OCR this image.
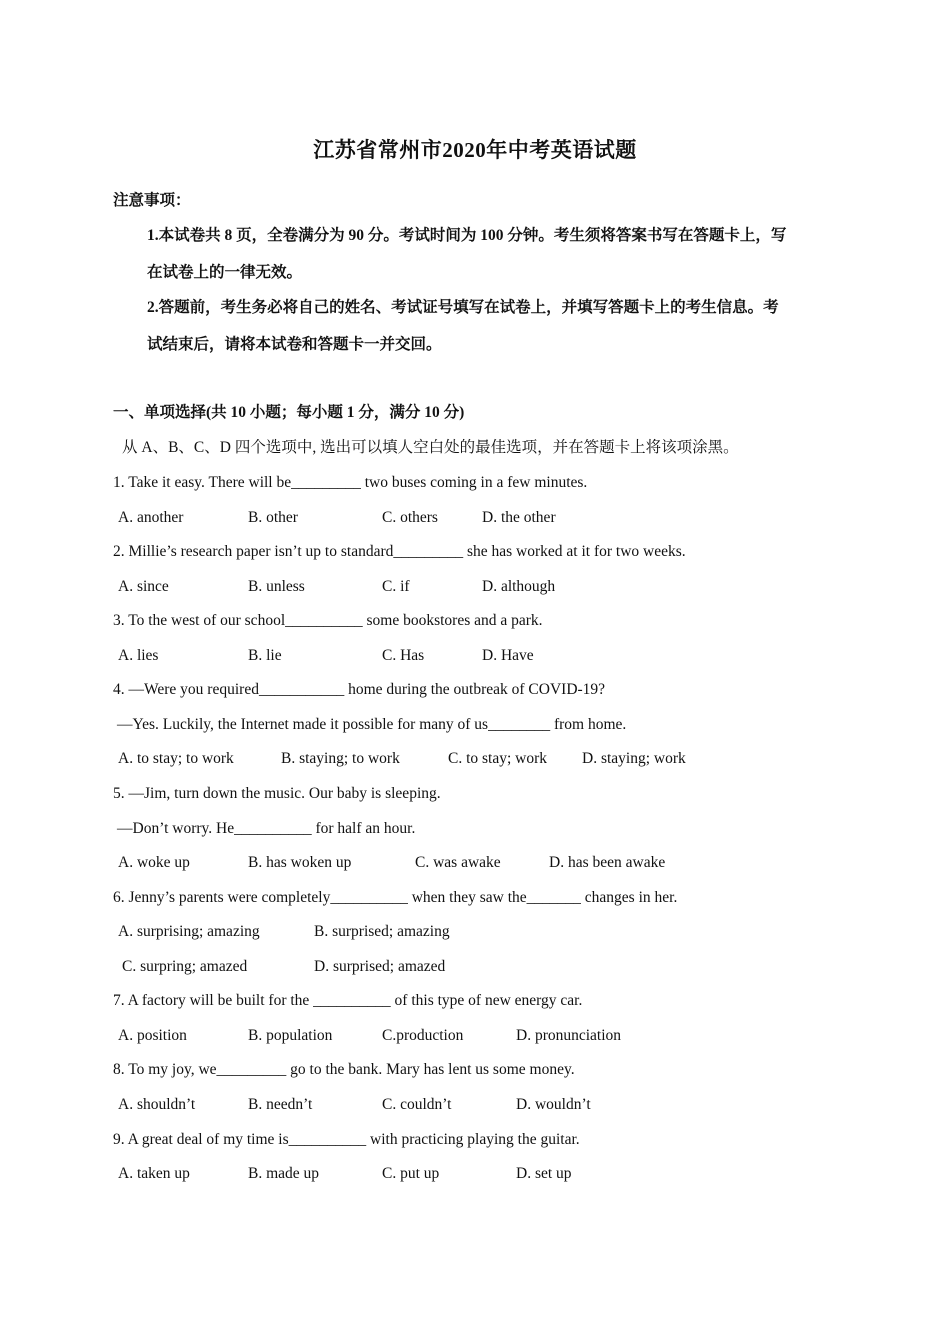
江苏省常州市2020年中考英语试题
注意事项：
1.本试卷共 8 页，全卷满分为 90 分。考试时间为 100 分钟。考生须将答案书写在答题卡上，写
在试卷上的一律无效。
2.答题前，考生务必将自己的姓名、考试证号填写在试卷上，并填写答题卡上的考生信息。考
试结束后，请将本试卷和答题卡一并交回。
一、单项选择(共 10 小题；每小题 1 分，满分 10 分)
从 A、B、C、D 四个选项中, 选出可以填人空白处的最佳选项，并在答题卡上将该项涂黑。
1. Take it easy. There will be_________ two buses coming in a few minutes.
A. another	B. other	C. others	D. the other
2. Millie’s research paper isn’t up to standard_________ she has worked at it for two weeks.
A. since	B. unless	C. if	D. although
3. To the west of our school__________ some bookstores and a park.
A. lies	B. lie	C. Has	D. Have
4. —Were you required___________ home during the outbreak of COVID-19?
—Yes. Luckily, the Internet made it possible for many of us________ from home.
A. to stay; to work	B. staying; to work	C. to stay; work D. staying; work
5. —Jim, turn down the music. Our baby is sleeping.
—Don’t worry. He__________ for half an hour.
A. woke up	B. has woken up	C. was awake	D. has been awake
6. Jenny’s parents were completely__________ when they saw the_______ changes in her.
A. surprising; amazing	B. surprised; amazing
C. surpring; amazed	D. surprised; amazed
7. A factory will be built for the __________ of this type of new energy car.
A. position	B. population	C.production	D. pronunciation
8. To my joy, we_________ go to the bank. Mary has lent us some money.
A. shouldn’t	B. needn’t	C. couldn’t	D. wouldn’t
9. A great deal of my time is__________ with practicing playing the guitar.
A. taken up	B. made up	C. put up	D. set up
